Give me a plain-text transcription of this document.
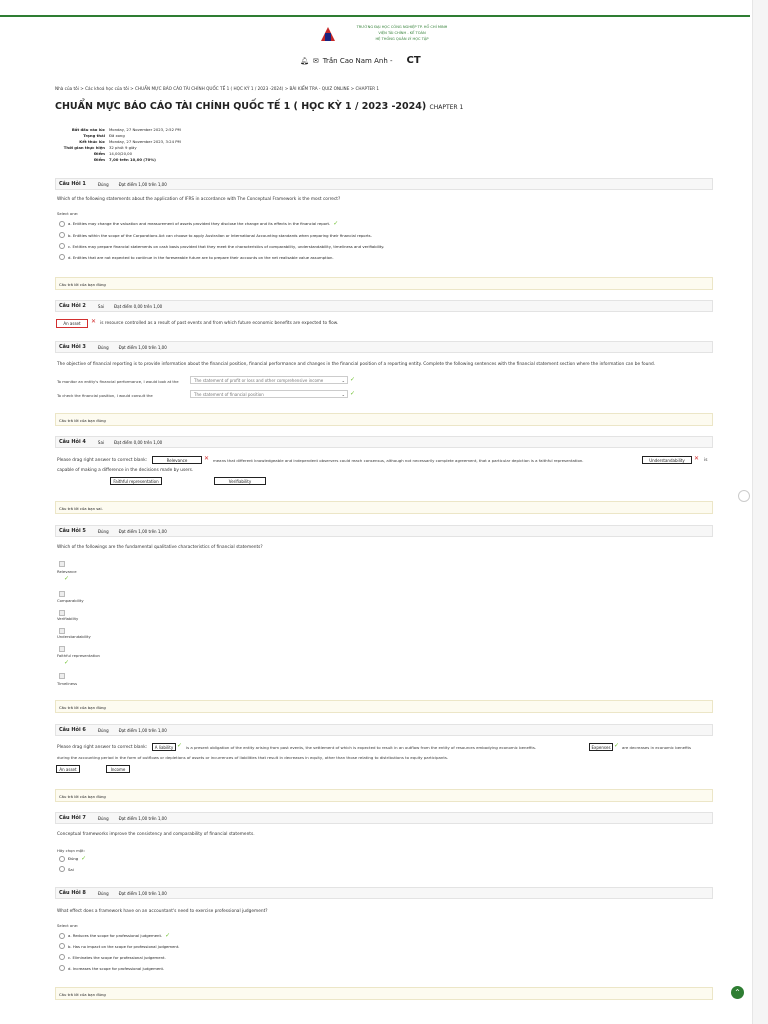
TRƯỜNG ĐẠI HỌC CÔNG NGHIỆP TP. HỒ CHÍ MINH
VIỆN TÀI CHÍNH - KẾ TOÁN
HỆ THỐNG QUẢN LÝ HỌC TẬP
🔔︎ ✉︎ Trần Cao Nam Anh - CT
Nhà của tôi > Các khoá học của tôi > CHUẨN MỰC BÁO CÁO TÀI CHÍNH QUỐC TẾ 1 ( HỌC KỲ 1 / 2023 -2024) > BÀI KIỂM TRA - QUIZ ONLINE > CHAPTER 1
CHUẨN MỰC BÁO CÁO TÀI CHÍNH QUỐC TẾ 1 ( HỌC KỲ 1 / 2023 -2024) CHAPTER 1
Bắt đầu vào lúc	Monday, 27 November 2023, 2:52 PM
Trạng thái	Đã xong
Kết thúc lúc	Monday, 27 November 2023, 3:24 PM
Thời gian thực hiện	32 phút 9 giây
Điểm	14,00/20,00
Điểm	7,00 trên 10,00 (70%)
Câu Hỏi 1	Đúng	Đạt điểm 1,00 trên 1,00
Which of the following statements about the application of IFRS in accordance with The Conceptual Framework is the most correct?
Select one:
a. Entities may change the valuation and measurement of assets provided they disclose the change and its effects in the financial report. ✓
b. Entities within the scope of the Corporations Act can choose to apply Australian or International Accounting standards when preparing their financial reports.
c. Entities may prepare financial statements on cash basis provided that they meet the characteristics of comparability, understandability, timeliness and verifiability.
d. Entities that are not expected to continue in the foreseeable future are to prepare their accounts on the net realisable value assumption.
Câu trả lời của bạn đúng
Câu Hỏi 2	Sai	Đạt điểm 0,00 trên 1,00
An asset	✕ is resource controlled as a result of past events and from which future economic benefits are expected to flow.
Câu Hỏi 3	Đúng	Đạt điểm 1,00 trên 1,00
The objective of financial reporting is to provide information about the financial position, financial performance and changes in the financial position of a reporting entity. Complete the following sentences with the financial statement section where the information can be found.
To monitor an entity's financial performance, I would look at the	The statement of profit or loss and other comprehensive income	⌄ ✓
To check the financial position, I would consult the	The statement of financial position	⌄ ✓
Câu trả lời của bạn đúng
Câu Hỏi 4	Sai	Đạt điểm 0,00 trên 1,00
Please drag right answer to correct blank:	Relevance	✕ means that different knowledgeable and independent observers could reach consensus, although not necessarily complete agreement, that a particular depiction is a faithful representation.	Understandability	✕ is
capable of making a difference in the decisions made by users.
Faithful representation	Verifiability
Câu trả lời của bạn sai.
Câu Hỏi 5	Đúng	Đạt điểm 1,00 trên 1,00
Which of the followings are the fundamental qualitative characteristics of financial statements?
Relevance
✓
Comparability
Verifiability
Understandability
Faithful representation
✓
Timeliness
Câu trả lời của bạn đúng
Câu Hỏi 6	Đúng	Đạt điểm 1,00 trên 1,00
Please drag right answer to correct blank:	A liability ✓ is a present obligation of the entity arising from past events, the settlement of which is expected to result in an outflow from the entity of resources embodying economic benefits.	Expenses ✓ are decreases in economic benefits
during the accounting period in the form of outflows or depletions of assets or incurrences of liabilities that result in decreases in equity, other than those relating to distributions to equity participants.
An asset	Income
Câu trả lời của bạn đúng
Câu Hỏi 7	Đúng	Đạt điểm 1,00 trên 1,00
Conceptual frameworks improve the consistency and comparability of financial statements.
Hãy chọn một:
Đúng ✓
Sai
Câu Hỏi 8	Đúng	Đạt điểm 1,00 trên 1,00
What effect does a framework have on an accountant's need to exercise professional judgement?
Select one:
a. Reduces the scope for professional judgement. ✓
b. Has no impact on the scope for professional judgement.
c. Eliminates the scope for professional judgement.
d. Increases the scope for professional judgement.
Câu trả lời của bạn đúng	⌃
